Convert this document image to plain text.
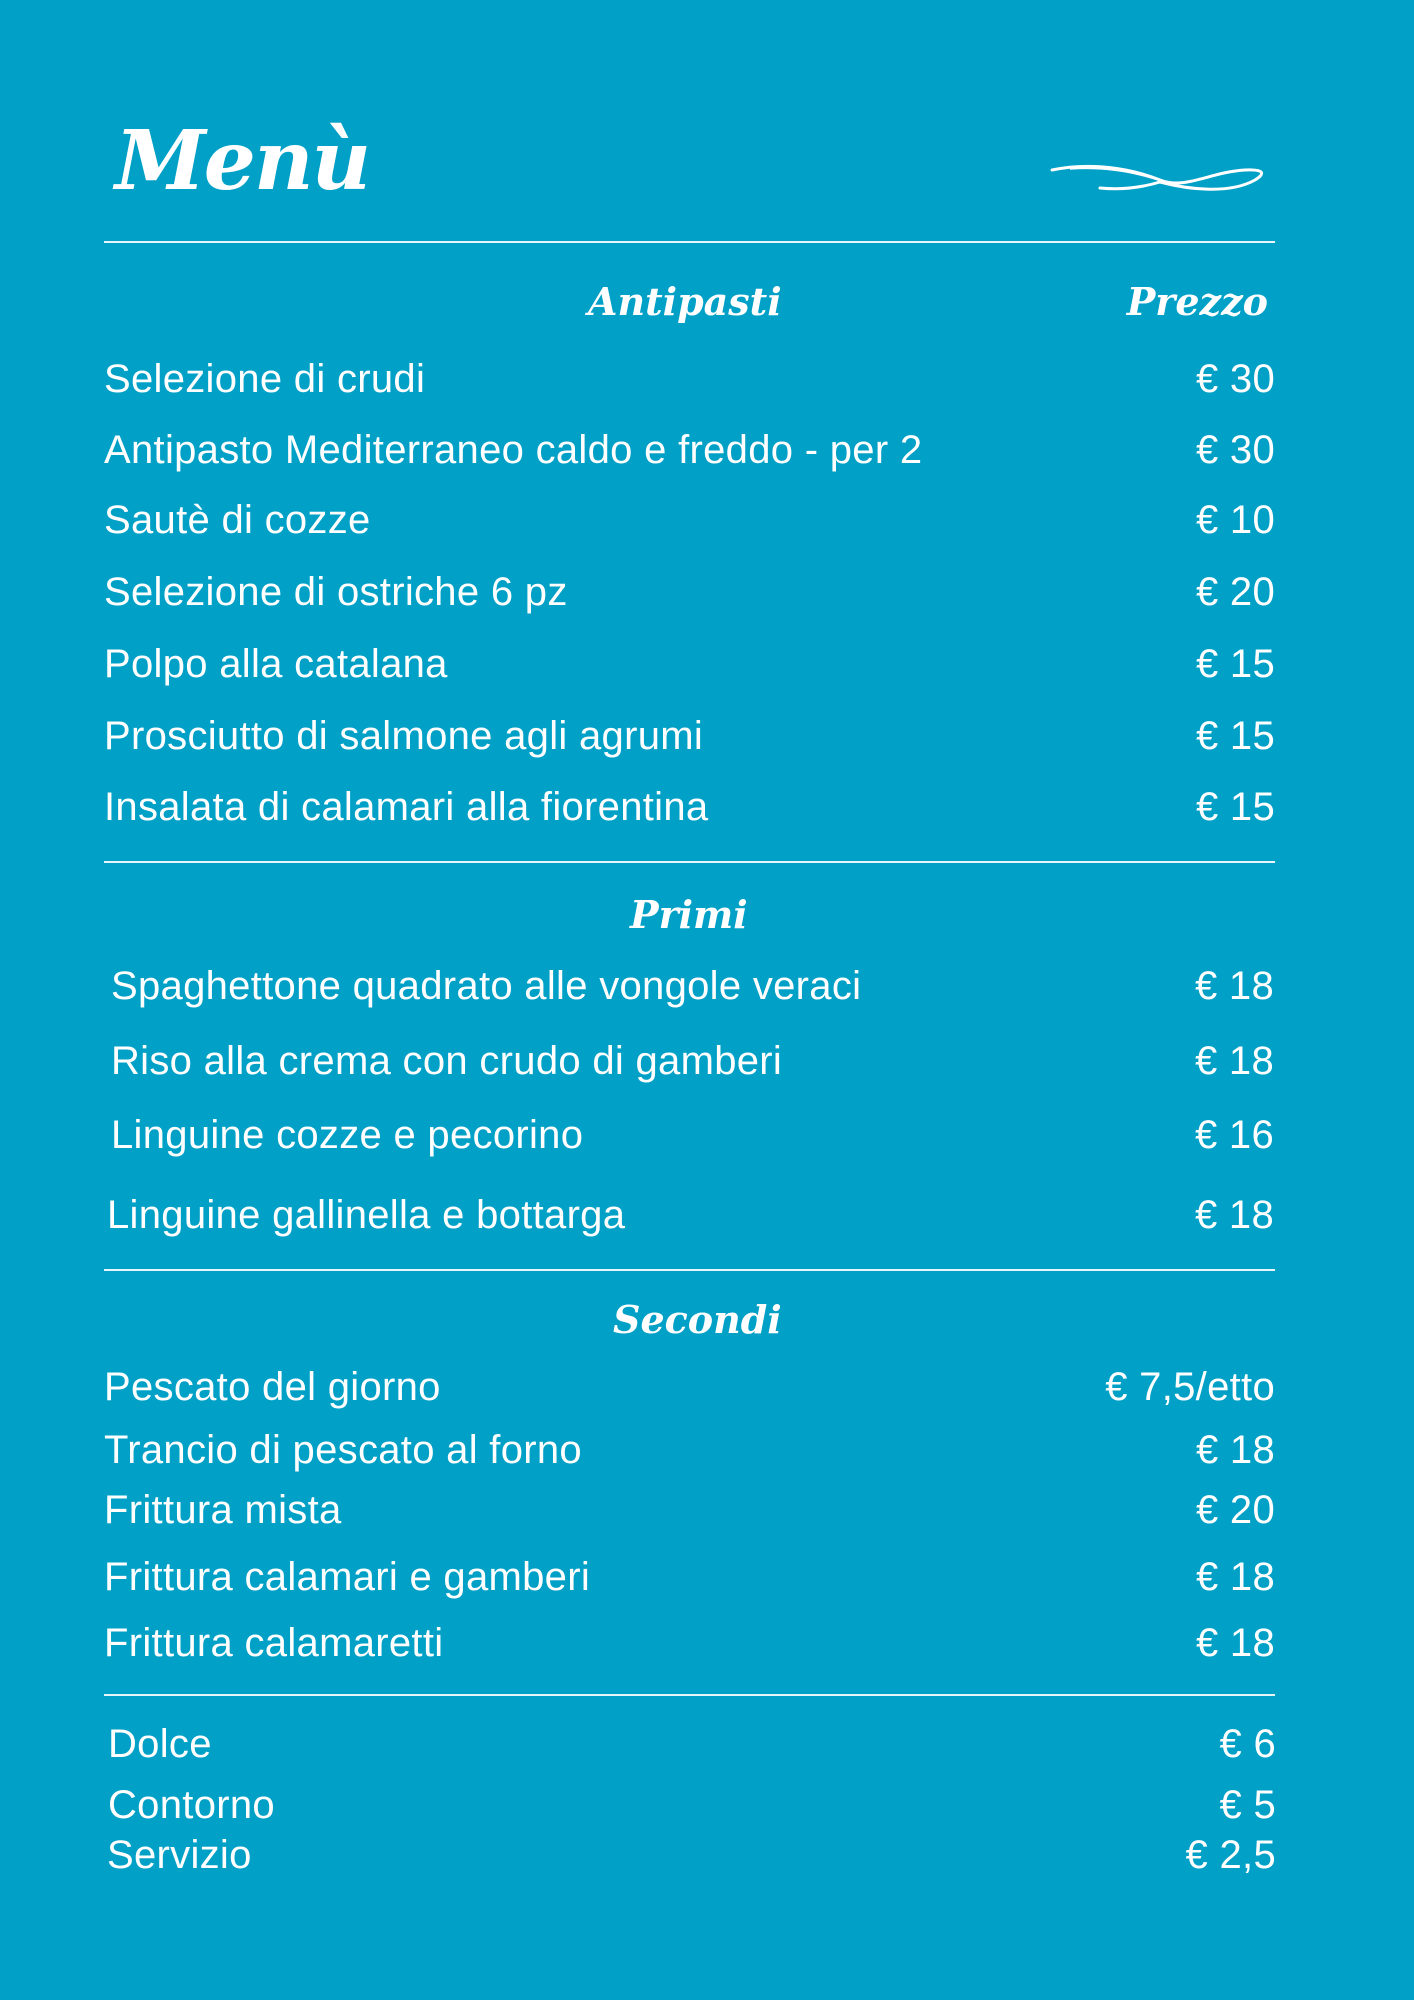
Menù
Antipasti	Prezzo
Selezione di crudi	€ 30
Antipasto Mediterraneo caldo e freddo - per 2	€ 30
Sautè di cozze	€ 10
Selezione di ostriche 6 pz	€ 20
Polpo alla catalana	€ 15
Prosciutto di salmone agli agrumi	€ 15
Insalata di calamari alla fiorentina	€ 15
Primi
Spaghettone quadrato alle vongole veraci	€ 18
Riso alla crema con crudo di gamberi	€ 18
Linguine cozze e pecorino	€ 16
Linguine gallinella e bottarga	€ 18
Secondi
Pescato del giorno	€ 7,5/etto
Trancio di pescato al forno	€ 18
Frittura mista	€ 20
Frittura calamari e gamberi	€ 18
Frittura calamaretti	€ 18
Dolce	€ 6
Contorno	€ 5
Servizio	€ 2,5
